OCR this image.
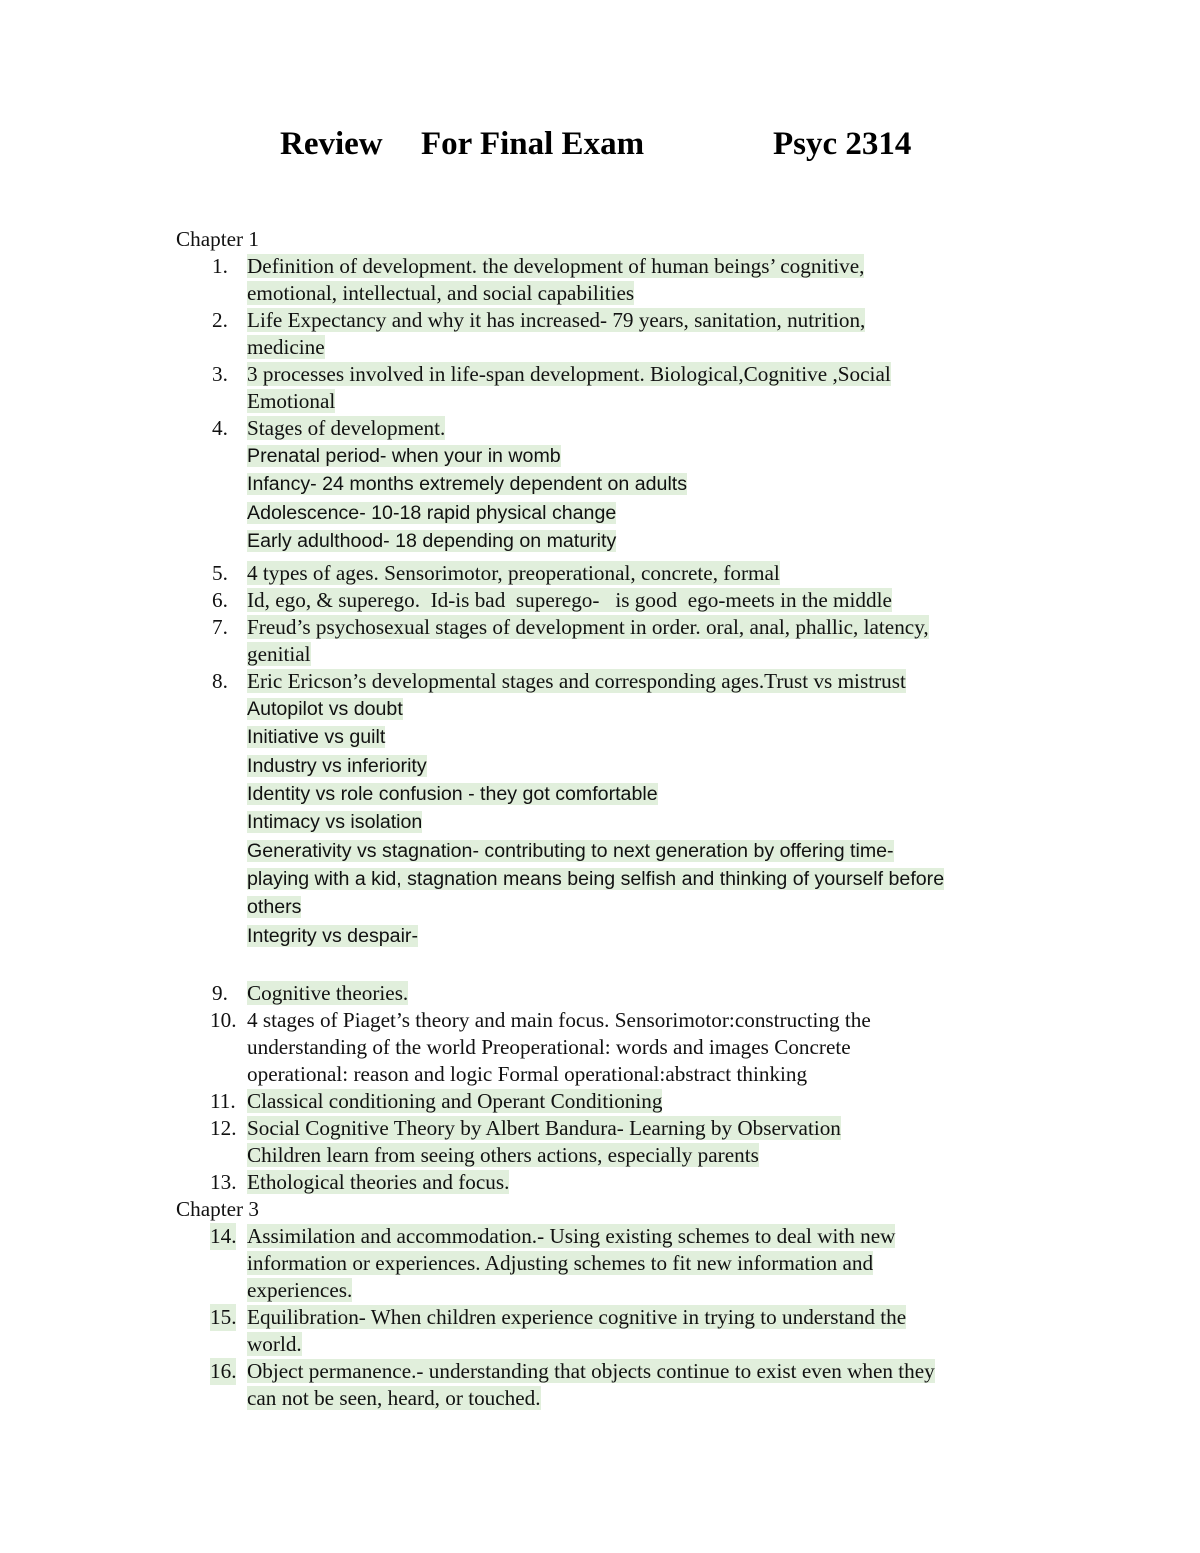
Review For Final Exam	Psyc 2314
Chapter 1
1. Definition of development. the development of human beings’ cognitive,
emotional, intellectual, and social capabilities
2. Life Expectancy and why it has increased- 79 years, sanitation, nutrition,
medicine
3. 3 processes involved in life-span development. Biological,Cognitive ,Social
Emotional
4. Stages of development.
Prenatal period- when your in womb
Infancy- 24 months extremely dependent on adults
Adolescence- 10-18 rapid physical change
Early adulthood- 18 depending on maturity
5. 4 types of ages. Sensorimotor, preoperational, concrete, formal
6. Id, ego, & superego.  Id-is bad  superego-   is good  ego-meets in the middle
7. Freud’s psychosexual stages of development in order. oral, anal, phallic, latency,
genitial
8. Eric Ericson’s developmental stages and corresponding ages.Trust vs mistrust
Autopilot vs doubt
Initiative vs guilt
Industry vs inferiority
Identity vs role confusion - they got comfortable
Intimacy vs isolation
Generativity vs stagnation- contributing to next generation by offering time-
playing with a kid, stagnation means being selfish and thinking of yourself before
others
Integrity vs despair-
9. Cognitive theories.
10. 4 stages of Piaget’s theory and main focus. Sensorimotor:constructing the
understanding of the world Preoperational: words and images Concrete
operational: reason and logic Formal operational:abstract thinking
11. Classical conditioning and Operant Conditioning
12. Social Cognitive Theory by Albert Bandura- Learning by Observation
Children learn from seeing others actions, especially parents
13. Ethological theories and focus.
Chapter 3
14. Assimilation and accommodation.- Using existing schemes to deal with new
information or experiences. Adjusting schemes to fit new information and
experiences.
15. Equilibration- When children experience cognitive in trying to understand the
world.
16. Object permanence.- understanding that objects continue to exist even when they
can not be seen, heard, or touched.
